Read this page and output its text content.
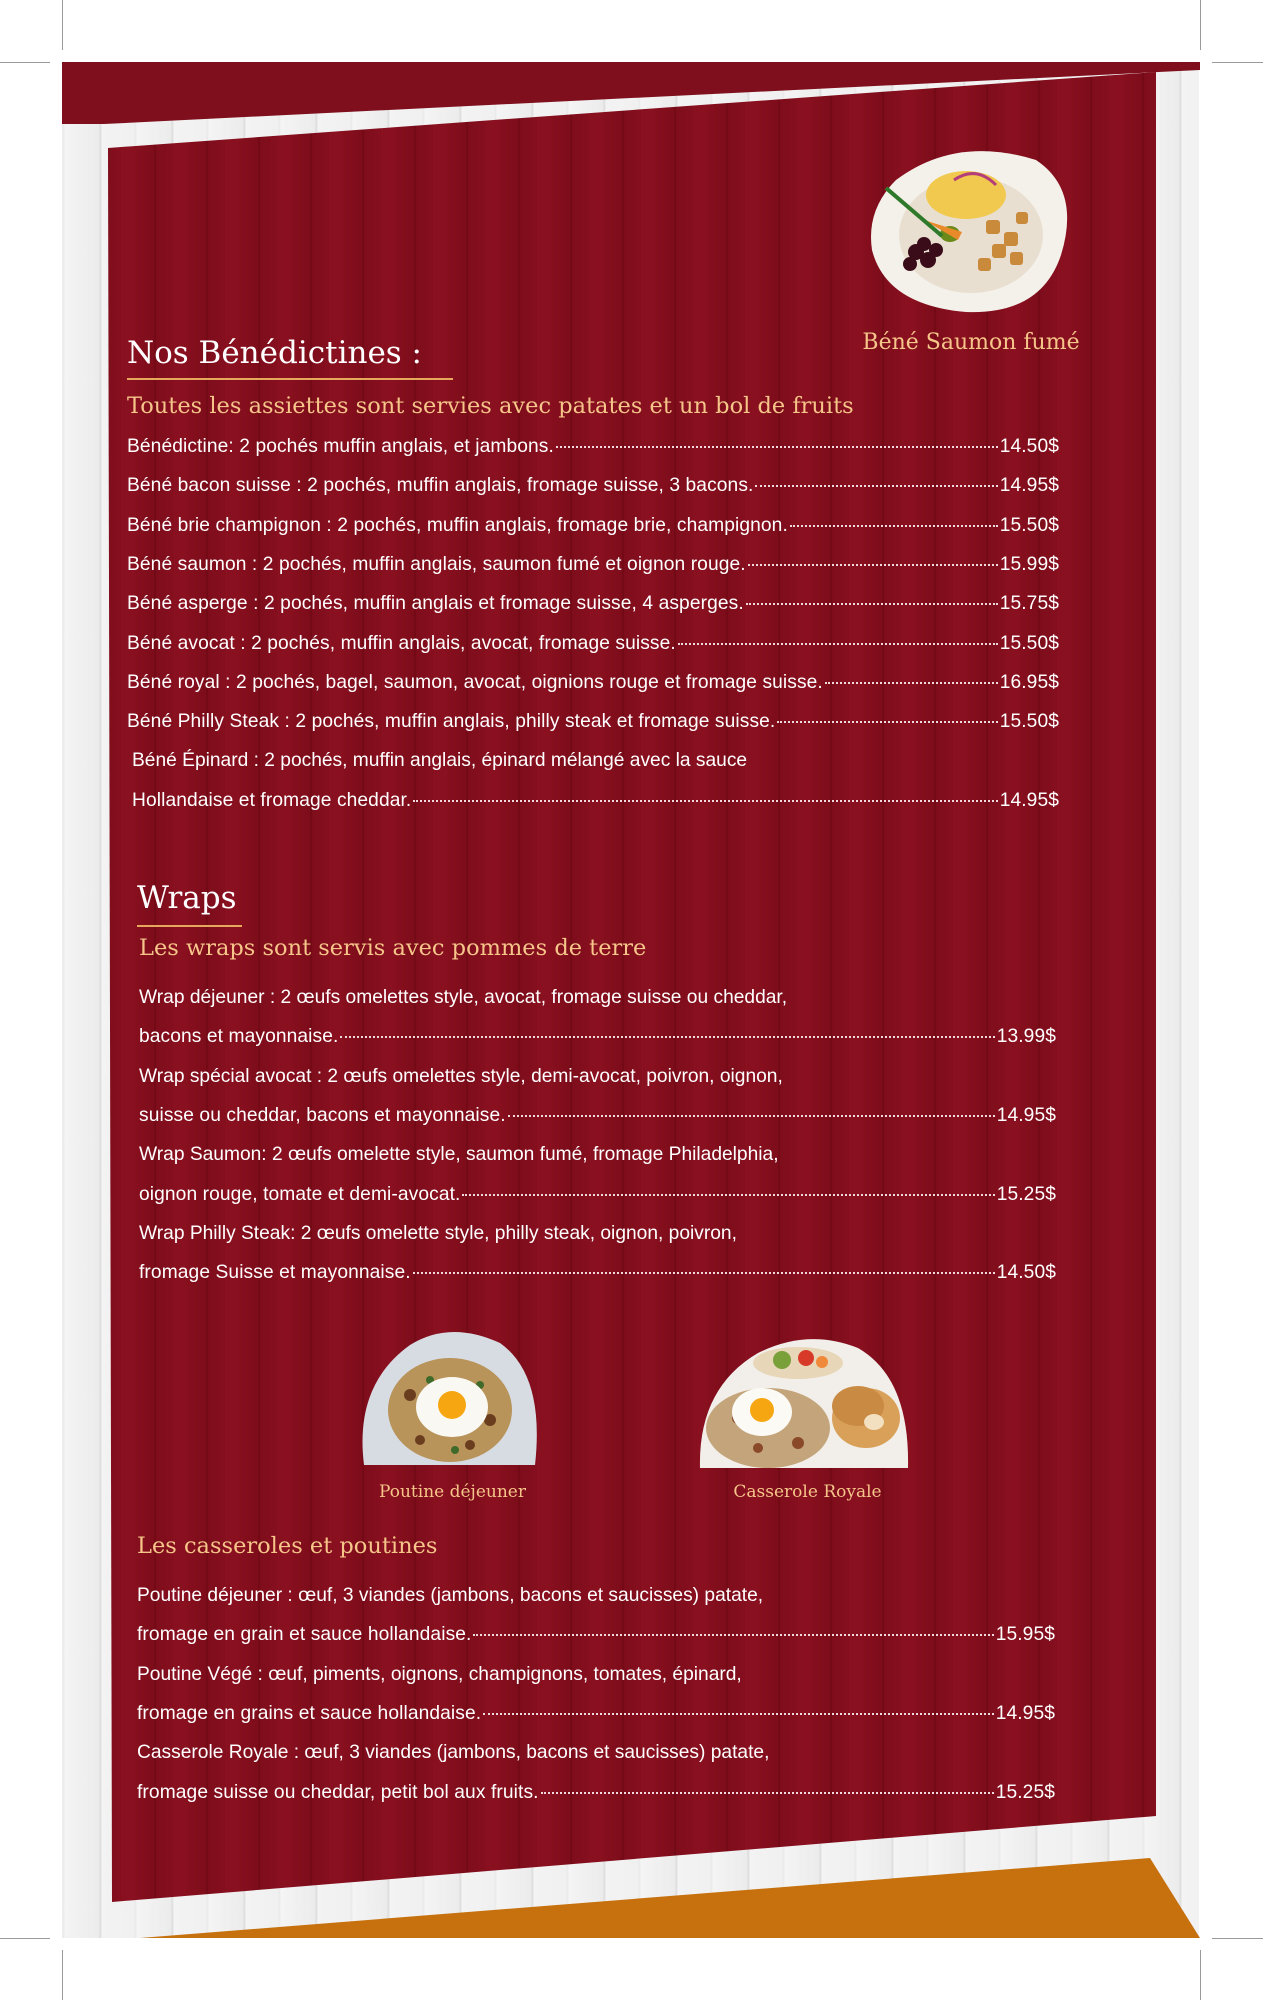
Béné Saumon fumé
Nos Bénédictines :
Toutes les assiettes sont servies avec patates et un bol de fruits
Bénédictine: 2 pochés muffin anglais, et jambons.	14.50$
Béné bacon suisse : 2 pochés, muffin anglais, fromage suisse, 3 bacons.	14.95$
Béné brie champignon : 2 pochés, muffin anglais, fromage brie, champignon.	15.50$
Béné saumon : 2 pochés, muffin anglais, saumon fumé et oignon rouge.	15.99$
Béné asperge : 2 pochés, muffin anglais et fromage suisse, 4 asperges.	15.75$
Béné avocat : 2 pochés, muffin anglais, avocat, fromage suisse.	15.50$
Béné royal : 2 pochés, bagel, saumon, avocat, oignions rouge et fromage suisse.	16.95$
Béné Philly Steak : 2 pochés, muffin anglais, philly steak et fromage suisse.	15.50$
Béné Épinard : 2 pochés, muffin anglais, épinard mélangé avec la sauce
Hollandaise et fromage cheddar.	14.95$
Wraps
Les wraps sont servis avec pommes de terre
Wrap déjeuner : 2 œufs omelettes style, avocat, fromage suisse ou cheddar,
bacons et mayonnaise.	13.99$
Wrap spécial avocat : 2 œufs omelettes style, demi-avocat, poivron, oignon,
suisse ou cheddar, bacons et mayonnaise.	14.95$
Wrap Saumon: 2 œufs omelette style, saumon fumé, fromage Philadelphia,
oignon rouge, tomate et demi-avocat.	15.25$
Wrap Philly Steak: 2 œufs omelette style, philly steak, oignon, poivron,
fromage Suisse et mayonnaise.	14.50$
Poutine déjeuner	Casserole Royale
Les casseroles et poutines
Poutine déjeuner : œuf, 3 viandes (jambons, bacons et saucisses) patate,
fromage en grain et sauce hollandaise.	15.95$
Poutine Végé : œuf, piments, oignons, champignons, tomates, épinard,
fromage en grains et sauce hollandaise.	14.95$
Casserole Royale : œuf, 3 viandes (jambons, bacons et saucisses) patate,
fromage suisse ou cheddar, petit bol aux fruits.	15.25$
